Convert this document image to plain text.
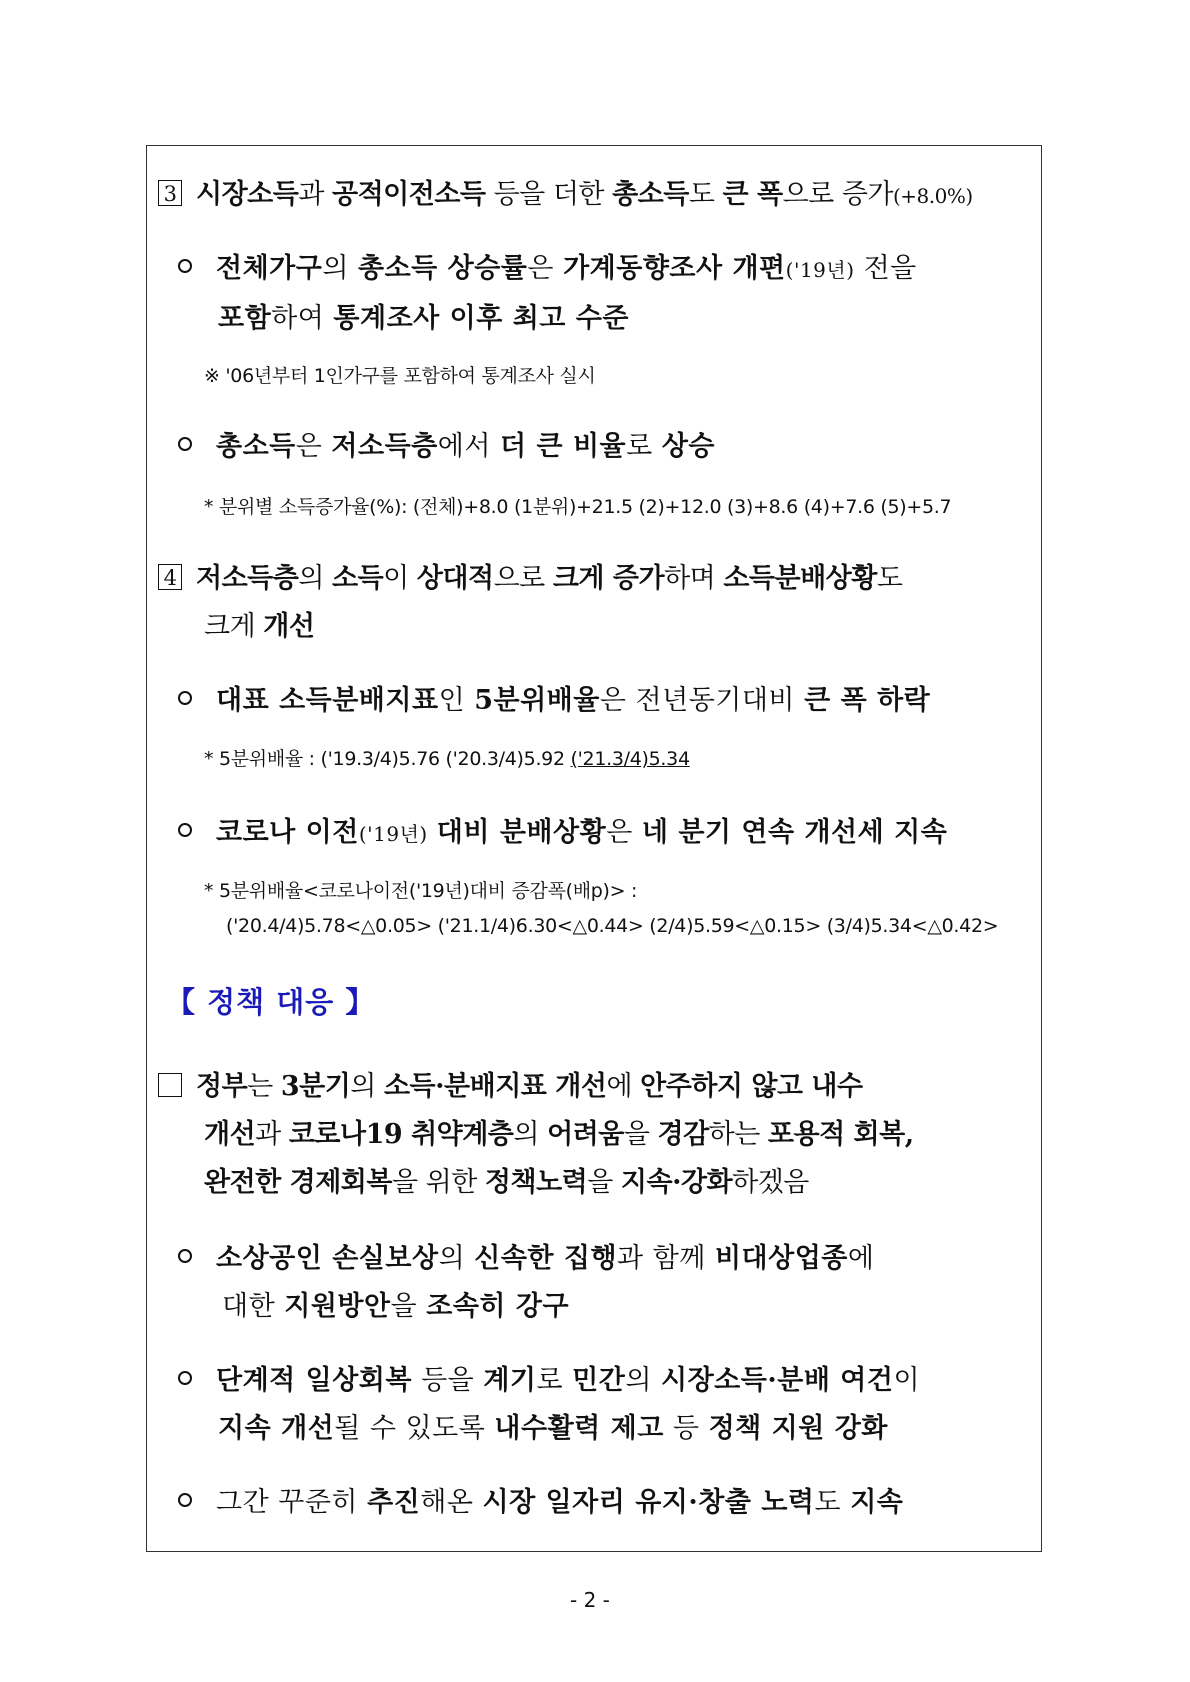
3 시장소득과 공적이전소득 등을 더한 총소득도 큰 폭으로 증가(+8.0%)
전체가구의 총소득 상승률은 가계동향조사 개편('19년) 전을
포함하여 통계조사 이후 최고 수준
※ '06년부터 1인가구를 포함하여 통계조사 실시
총소득은 저소득층에서 더 큰 비율로 상승
* 분위별 소득증가율(%): (전체)+8.0 (1분위)+21.5 (2)+12.0 (3)+8.6 (4)+7.6 (5)+5.7
4 저소득층의 소득이 상대적으로 크게 증가하며 소득분배상황도
크게 개선
대표 소득분배지표인 5분위배율은 전년동기대비 큰 폭 하락
* 5분위배율 : ('19.3/4)5.76 ('20.3/4)5.92 ('21.3/4)5.34
코로나 이전('19년) 대비 분배상황은 네 분기 연속 개선세 지속
* 5분위배율<코로나이전('19년)대비 증감폭(배p)> :
('20.4/4)5.78<△0.05> ('21.1/4)6.30<△0.44> (2/4)5.59<△0.15> (3/4)5.34<△0.42>
【 정책 대응 】
정부는 3분기의 소득·분배지표 개선에 안주하지 않고 내수
개선과 코로나19 취약계층의 어려움을 경감하는 포용적 회복,
완전한 경제회복을 위한 정책노력을 지속·강화하겠음
소상공인 손실보상의 신속한 집행과 함께 비대상업종에
대한 지원방안을 조속히 강구
단계적 일상회복 등을 계기로 민간의 시장소득·분배 여건이
지속 개선될 수 있도록 내수활력 제고 등 정책 지원 강화
그간 꾸준히 추진해온 시장 일자리 유지·창출 노력도 지속
- 2 -
